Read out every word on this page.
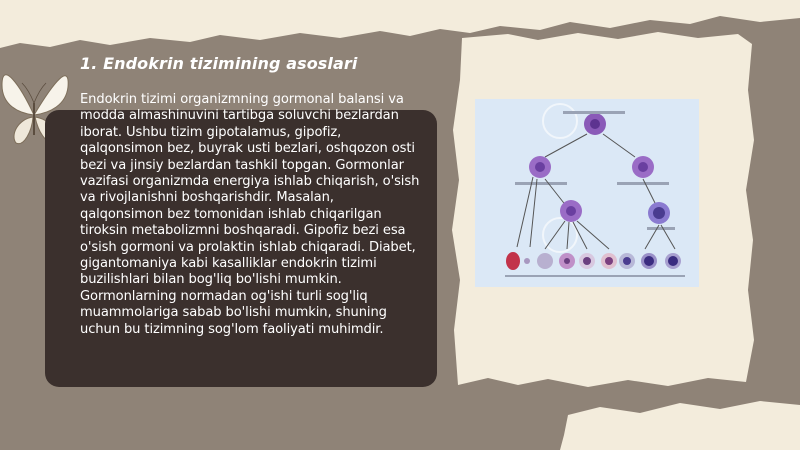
1. Endokrin tizimining asoslari

Endokrin tizimi organizmning gormonal balansi va modda almashinuvini tartibga soluvchi bezlardan iborat. Ushbu tizim gipotalamus, gipofiz, qalqonsimon bez, buyrak usti bezlari, oshqozon osti bezi va jinsiy bezlardan tashkil topgan. Gormonlar vazifasi organizmda energiya ishlab chiqarish, o'sish va rivojlanishni boshqarishdir. Masalan, qalqonsimon bez tomonidan ishlab chiqarilgan tiroksin metabolizmni boshqaradi. Gipofiz bezi esa o'sish gormoni va prolaktin ishlab chiqaradi. Diabet, gigantomaniya kabi kasalliklar endokrin tizimi buzilishlari bilan bog'liq bo'lishi mumkin. Gormonlarning normadan og'ishi turli sog'liq muammolariga sabab bo'lishi mumkin, shuning uchun bu tizimning sog'lom faoliyati muhimdir.
